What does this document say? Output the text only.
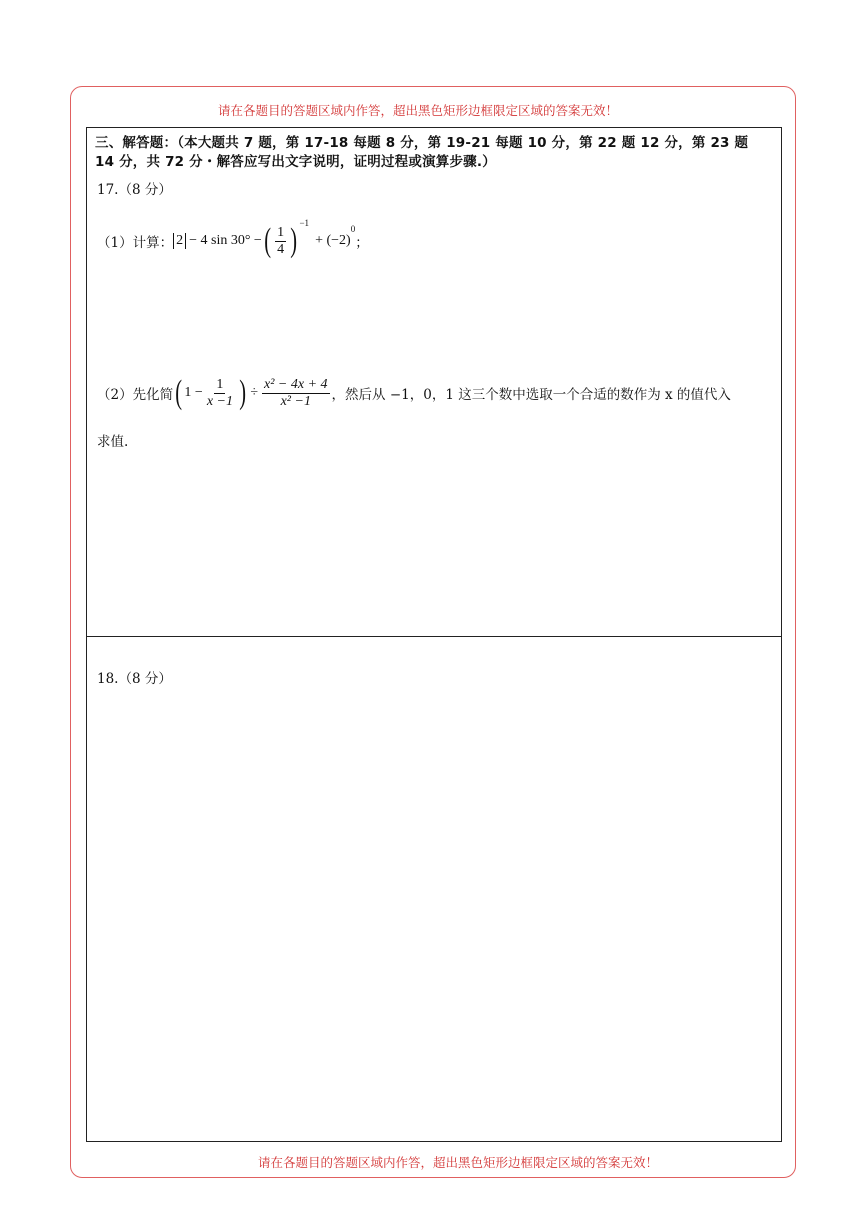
请在各题目的答题区域内作答，超出黑色矩形边框限定区域的答案无效！
三、解答题：（本大题共 7 题，第 17-18 每题 8 分，第 19-21 每题 10 分，第 22 题 12 分，第 23 题 14 分，共 72 分・解答应写出文字说明，证明过程或演算步骤.）
17.（8 分）
（1）计算： 2 − 4 sin 30° − ( $\frac{1}{4}$ ) $^{-1}$
+ (−2)
$^0$
；
（2）先化简 ( $1 - \frac{1}{x -1}$ ) ÷ $\frac{\text{x² − 4x + 4}}{\text{x² −1}}$ ，然后从 −1，0，1 这三个数中选取一个合适的数作为 x 的值代入
求值.
18.（8 分）
请在各题目的答题区域内作答，超出黑色矩形边框限定区域的答案无效！
